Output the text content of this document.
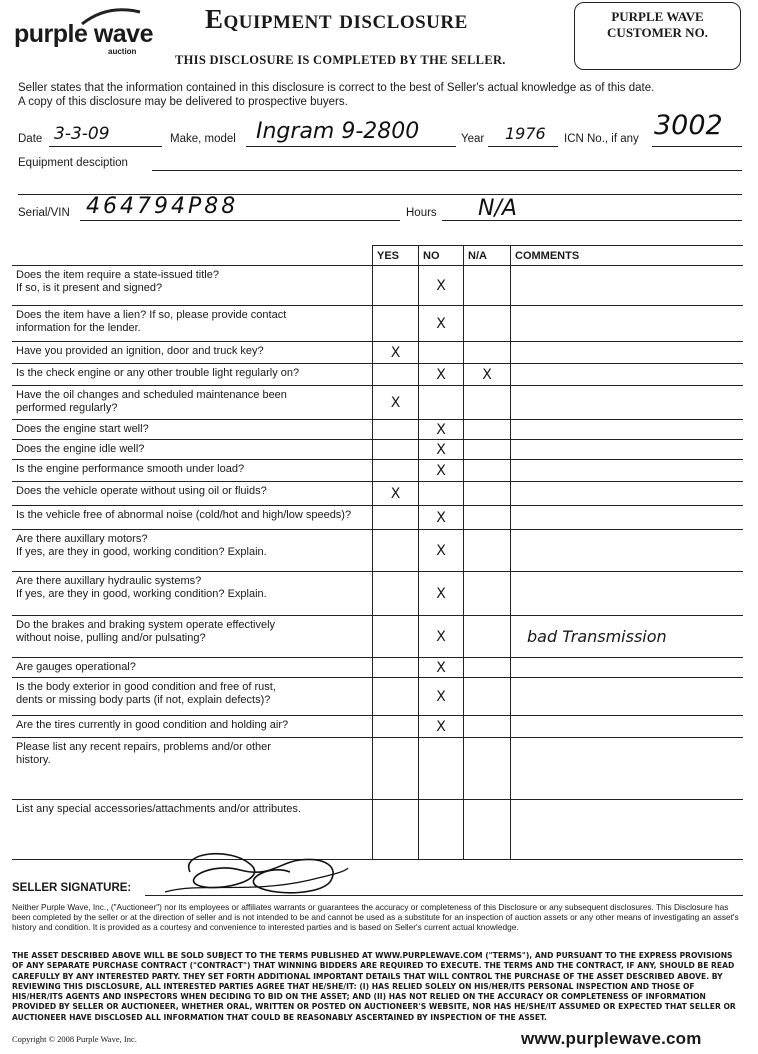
purple wave
auction
Equipment disclosure
THIS DISCLOSURE IS COMPLETED BY THE SELLER.
PURPLE WAVE
CUSTOMER NO.
Seller states that the information contained in this disclosure is correct to the best of Seller's actual knowledge as of this date.
A copy of this disclosure may be delivered to prospective buyers.
Date 3-3-09	Make, model Ingram 9-2800	Year 1976 ICN No., if any 3002
Equipment desciption
Serial/VIN 464794P88	Hours N/A
	YES	NO	N/A	COMMENTS

Does the item require a state-issued title?
If so, is it present and signed?		X		

Does the item have a lien? If so, please provide contact
information for the lender.		X		

Have you provided an ignition, door and truck key?	X			

Is the check engine or any other trouble light regularly on?		X	X	

Have the oil changes and scheduled maintenance been
performed regularly?	X			

Does the engine start well?		X		

Does the engine idle well?		X		

Is the engine performance smooth under load?		X		

Does the vehicle operate without using oil or fluids?	X			

Is the vehicle free of abnormal noise (cold/hot and high/low speeds)?		X		

Are there auxillary motors?
If yes, are they in good, working condition? Explain.		X		

Are there auxillary hydraulic systems?
If yes, are they in good, working condition? Explain.		X		

Do the brakes and braking system operate effectively
without noise, pulling and/or pulsating?		X		bad Transmission

Are gauges operational?		X		

Is the body exterior in good condition and free of rust,
dents or missing body parts (if not, explain defects)?		X		

Are the tires currently in good condition and holding air?		X		

Please list any recent repairs, problems and/or other
history.				

List any special accessories/attachments and/or attributes.				

SELLER SIGNATURE:
Neither Purple Wave, Inc., ("Auctioneer") nor its employees or affiliates warrants or guarantees the accuracy or completeness of this Disclosure or any subsequent disclosures. This Disclosure has been completed by the seller or at the direction of seller and is not intended to be and cannot be used as a substitute for an inspection of auction assets or any other means of investigating an asset's history and condition. It is provided as a courtesy and convenience to interested parties and is based on Seller's current actual knowledge.
THE ASSET DESCRIBED ABOVE WILL BE SOLD SUBJECT TO THE TERMS PUBLISHED AT WWW.PURPLEWAVE.COM ("TERMS"), AND PURSUANT TO THE EXPRESS PROVISIONS OF ANY SEPARATE PURCHASE CONTRACT ("CONTRACT") THAT WINNING BIDDERS ARE REQUIRED TO EXECUTE. THE TERMS AND THE CONTRACT, IF ANY, SHOULD BE READ CAREFULLY BY ANY INTERESTED PARTY. THEY SET FORTH ADDITIONAL IMPORTANT DETAILS THAT WILL CONTROL THE PURCHASE OF THE ASSET DESCRIBED ABOVE. BY REVIEWING THIS DISCLOSURE, ALL INTERESTED PARTIES AGREE THAT HE/SHE/IT: (I) HAS RELIED SOLELY ON HIS/HER/ITS PERSONAL INSPECTION AND THOSE OF HIS/HER/ITS AGENTS AND INSPECTORS WHEN DECIDING TO BID ON THE ASSET; AND (II) HAS NOT RELIED ON THE ACCURACY OR COMPLETENESS OF INFORMATION PROVIDED BY SELLER OR AUCTIONEER, WHETHER ORAL, WRITTEN OR POSTED ON AUCTIONEER'S WEBSITE, NOR HAS HE/SHE/IT ASSUMED OR EXPECTED THAT SELLER OR AUCTIONEER HAVE DISCLOSED ALL INFORMATION THAT COULD BE REASONABLY ASCERTAINED BY INSPECTION OF THE ASSET.
Copyright © 2008 Purple Wave, Inc.	www.purplewave.com
